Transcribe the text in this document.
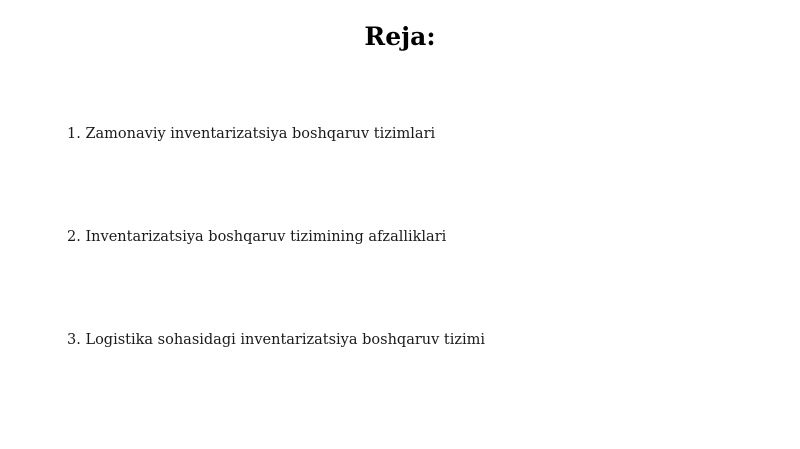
Reja:
1. Zamonaviy inventarizatsiya boshqaruv tizimlari
2. Inventarizatsiya boshqaruv tizimining afzalliklari
3. Logistika sohasidagi inventarizatsiya boshqaruv tizimi
